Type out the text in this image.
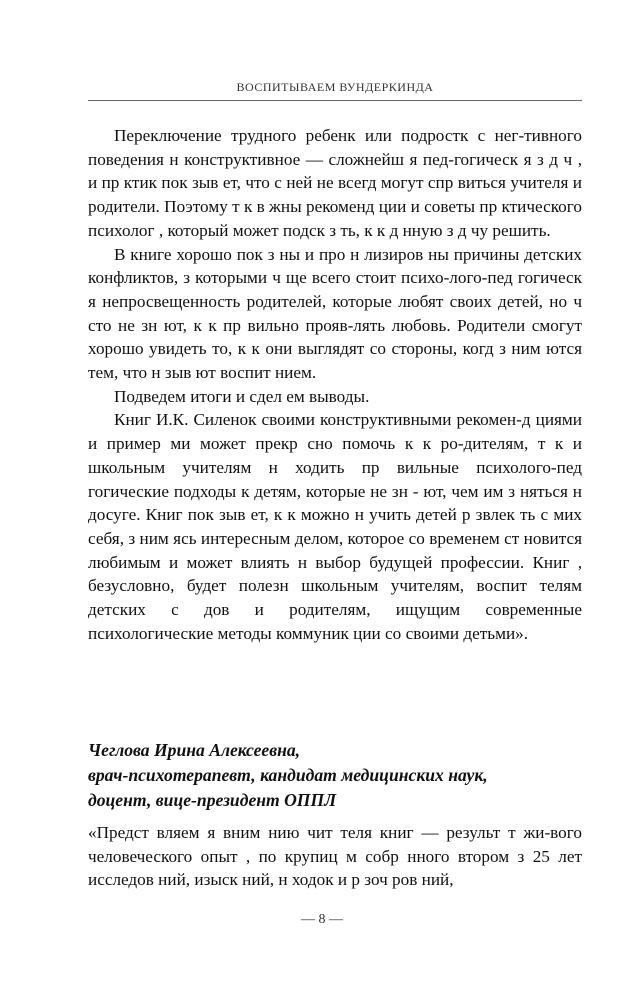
ВОСПИТЫВАЕМ ВУНДЕРКИНДА

Переключение трудного ребенк или подростк с нег-тивного поведения н конструктивное — сложнейш я пед-гогическ я з д ч , и пр ктик пок зыв ет, что с ней не всегд могут спр виться учителя и родители. Поэтому т к в жны рекоменд ции и советы пр ктического психолог , который может подск з ть, к к д нную з д чу решить.

В книге хорошо пок з ны и про н лизиров ны причины детских конфликтов, з которыми ч ще всего стоит психо-лого-пед гогическ я непросвещенность родителей, которые любят своих детей, но ч сто не зн ют, к к пр вильно прояв-лять любовь. Родители смогут хорошо увидеть то, к к они выглядят со стороны, когд з ним ются тем, что н зыв ют воспит нием.

Подведем итоги и сдел ем выводы.

Книг И.К. Силенок своими конструктивными рекомен-д циями и пример ми может прекр сно помочь к к ро-дителям, т к и школьным учителям н ходить пр вильные психолого-пед гогические подходы к детям, которые не зн - ют, чем им з няться н досуге. Книг пок зыв ет, к к можно н учить детей р звлек ть с мих себя, з ним ясь интересным делом, которое со временем ст новится любимым и может влиять н выбор будущей профессии. Книг , безусловно, будет полезн школьным учителям, воспит телям детских с дов и родителям, ищущим современные психологические методы коммуник ции со своими детьми».

Чеглова Ирина Алексеевна,

врач-психотерапевт, кандидат медицинских наук,

доцент, вице-президент ОППЛ

«Предст вляем я вним нию чит теля книг — результ т жи-вого человеческого опыт , по крупиц м собр нного втором з 25 лет исследов ний, изыск ний, н ходок и р зоч ров ний,

— 8 —
